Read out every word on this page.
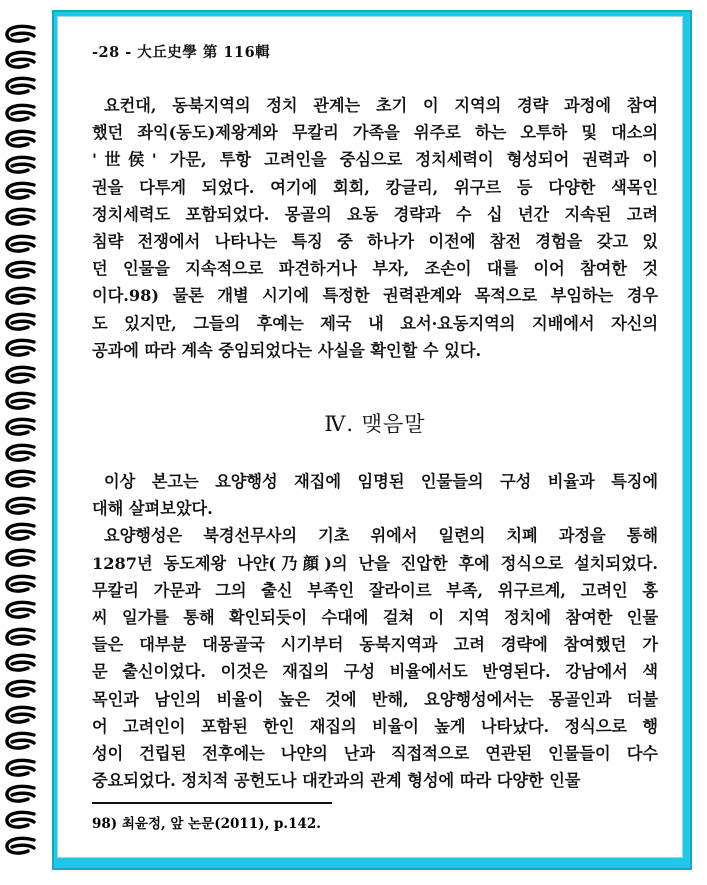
-28 - 大丘史學 第 116輯
요컨대, 동북지역의 정치 관계는 초기 이 지역의 경략 과정에 참여
했던 좌익(동도)제왕계와 무칼리 가족을 위주로 하는 오투하 및 대소의
'世侯' 가문, 투항 고려인을 중심으로 정치세력이 형성되어 권력과 이
권을 다투게 되었다. 여기에 회회, 캉글리, 위구르 등 다양한 색목인
정치세력도 포함되었다. 몽골의 요동 경략과 수 십 년간 지속된 고려
침략 전쟁에서 나타나는 특징 중 하나가 이전에 참전 경험을 갖고 있
던 인물을 지속적으로 파견하거나 부자, 조손이 대를 이어 참여한 것
이다.98) 물론 개별 시기에 특정한 권력관계와 목적으로 부임하는 경우
도 있지만, 그들의 후예는 제국 내 요서·요동지역의 지배에서 자신의
공과에 따라 계속 중임되었다는 사실을 확인할 수 있다.
Ⅳ. 맺음말
이상 본고는 요양행성 재집에 임명된 인물들의 구성 비율과 특징에
대해 살펴보았다.
요양행성은 북경선무사의 기초 위에서 일련의 치폐 과정을 통해
1287년 동도제왕 나얀(乃顔)의 난을 진압한 후에 정식으로 설치되었다.
무칼리 가문과 그의 출신 부족인 잘라이르 부족, 위구르계, 고려인 홍
씨 일가를 통해 확인되듯이 수대에 걸쳐 이 지역 정치에 참여한 인물
들은 대부분 대몽골국 시기부터 동북지역과 고려 경략에 참여했던 가
문 출신이었다. 이것은 재집의 구성 비율에서도 반영된다. 강남에서 색
목인과 남인의 비율이 높은 것에 반해, 요양행성에서는 몽골인과 더불
어 고려인이 포함된 한인 재집의 비율이 높게 나타났다. 정식으로 행
성이 건립된 전후에는 나얀의 난과 직접적으로 연관된 인물들이 다수
중요되었다. 정치적 공헌도나 대칸과의 관계 형성에 따라 다양한 인물
98) 최윤정, 앞 논문(2011), p.142.
